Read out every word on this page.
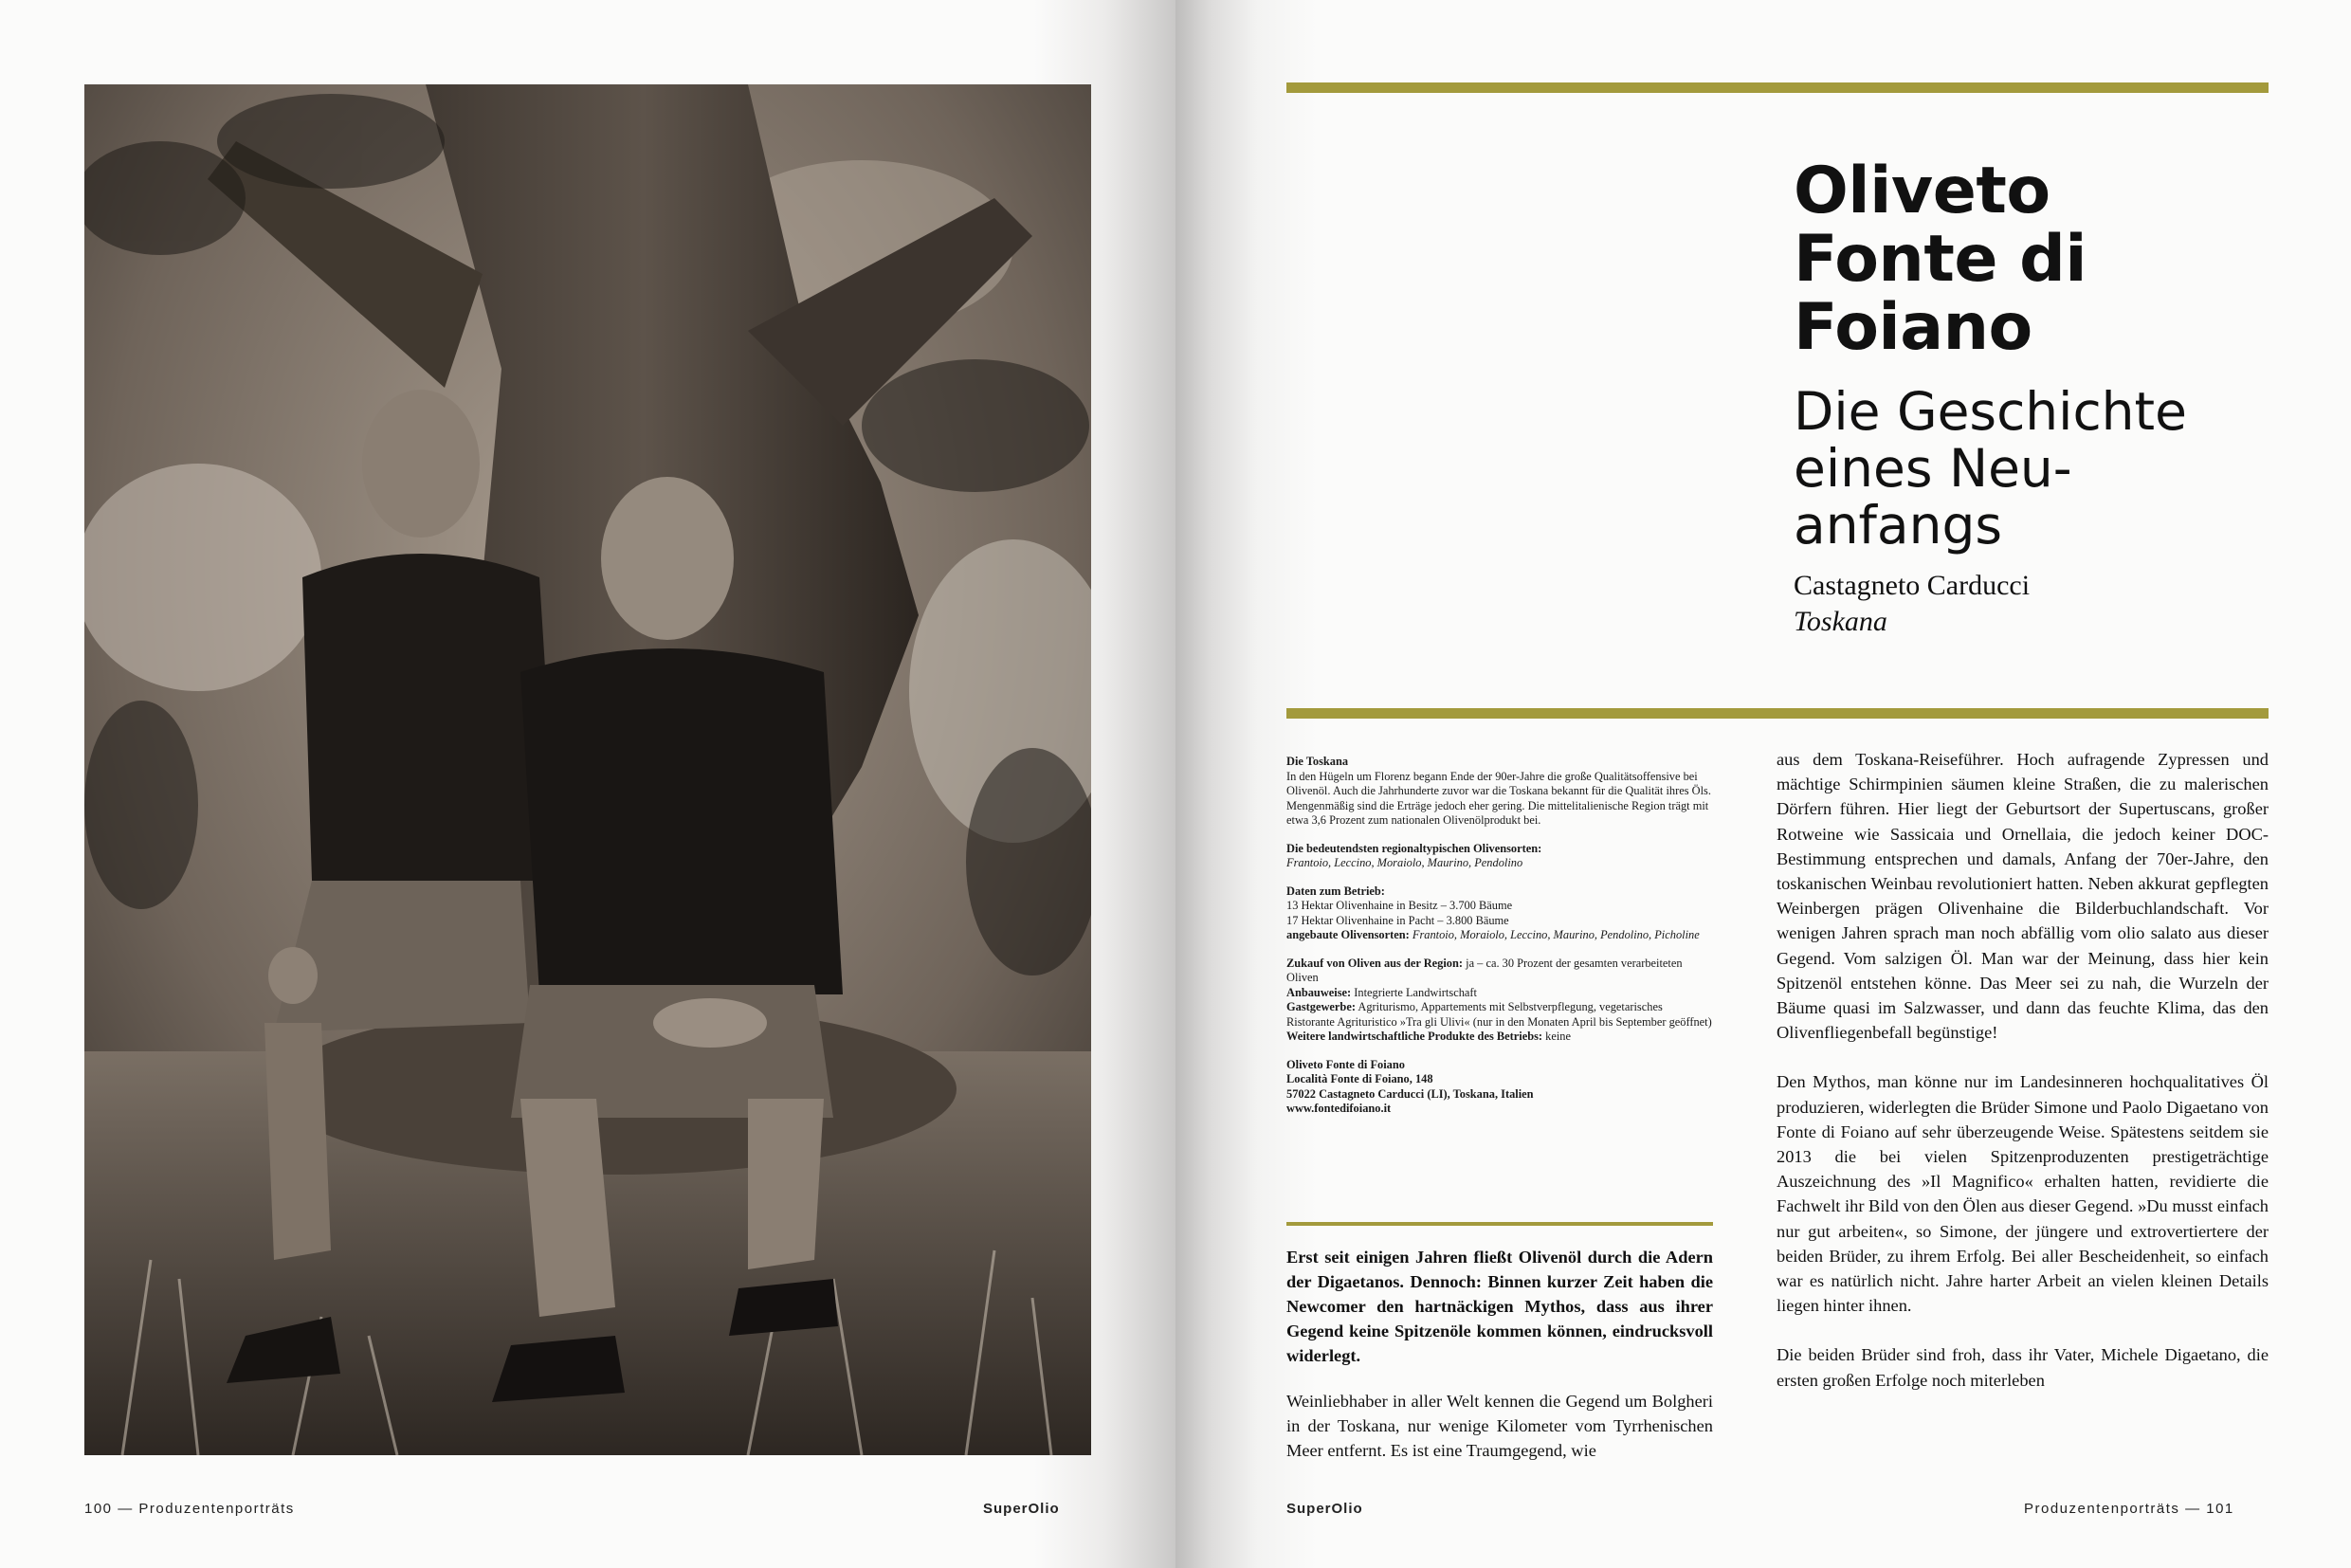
100 — Produzentenporträts	SuperOlio
Oliveto
Fonte di
Foiano
Die Geschichte
eines Neu-
anfangs
Castagneto Carducci
Toskana

Die Toskana
In den Hügeln um Florenz begann Ende der 90er-Jahre die große Qualitätsoffensive bei Olivenöl. Auch die Jahrhunderte zuvor war die Toskana bekannt für die Qualität ihres Öls. Mengenmäßig sind die Erträge jedoch eher gering. Die mittelitalienische Region trägt mit etwa 3,6 Prozent zum nationalen Olivenölprodukt bei.

Die bedeutendsten regionaltypischen Olivensorten:
Frantoio, Leccino, Moraiolo, Maurino, Pendolino

Daten zum Betrieb:
13 Hektar Olivenhaine in Besitz – 3.700 Bäume
17 Hektar Olivenhaine in Pacht – 3.800 Bäume
angebaute Olivensorten: Frantoio, Moraiolo, Leccino, Maurino, Pendolino, Picholine

Zukauf von Oliven aus der Region: ja – ca. 30 Prozent der gesamten verarbeiteten Oliven
Anbauweise: Integrierte Landwirtschaft
Gastgewerbe: Agriturismo, Appartements mit Selbstverpflegung, vegetarisches Ristorante Agrituristico »Tra gli Ulivi« (nur in den Monaten April bis September geöffnet)
Weitere landwirtschaftliche Produkte des Betriebs: keine

Oliveto Fonte di Foiano
Località Fonte di Foiano, 148
57022 Castagneto Carducci (LI), Toskana, Italien
www.fontedifoiano.it

Erst seit einigen Jahren fließt Olivenöl durch die Adern der Digaetanos. Dennoch: Binnen kurzer Zeit haben die Newcomer den hartnäckigen Mythos, dass aus ihrer Gegend keine Spitzenöle kommen können, eindrucksvoll widerlegt.

Weinliebhaber in aller Welt kennen die Gegend um Bolgheri in der Toskana, nur wenige Kilometer vom Tyrrhenischen Meer entfernt. Es ist eine Traumgegend, wie

aus dem Toskana-Reiseführer. Hoch aufragende Zypressen und mächtige Schirmpinien säumen kleine Straßen, die zu malerischen Dörfern führen. Hier liegt der Geburtsort der Supertuscans, großer Rotweine wie Sassicaia und Ornellaia, die jedoch keiner DOC-Bestimmung entsprechen und damals, Anfang der 70er-Jahre, den toskanischen Weinbau revolutioniert hatten. Neben akkurat gepflegten Weinbergen prägen Olivenhaine die Bilderbuchlandschaft. Vor wenigen Jahren sprach man noch abfällig vom olio salato aus dieser Gegend. Vom salzigen Öl. Man war der Meinung, dass hier kein Spitzenöl entstehen könne. Das Meer sei zu nah, die Wurzeln der Bäume quasi im Salzwasser, und dann das feuchte Klima, das den Olivenfliegenbefall begünstige!

Den Mythos, man könne nur im Landesinneren hochqualitatives Öl produzieren, widerlegten die Brüder Simone und Paolo Digaetano von Fonte di Foiano auf sehr überzeugende Weise. Spätestens seitdem sie 2013 die bei vielen Spitzenproduzenten prestigeträchtige Auszeichnung des »Il Magnifico« erhalten hatten, revidierte die Fachwelt ihr Bild von den Ölen aus dieser Gegend. »Du musst einfach nur gut arbeiten«, so Simone, der jüngere und extrovertiertere der beiden Brüder, zu ihrem Erfolg. Bei aller Bescheidenheit, so einfach war es natürlich nicht. Jahre harter Arbeit an vielen kleinen Details liegen hinter ihnen.

Die beiden Brüder sind froh, dass ihr Vater, Michele Digaetano, die ersten großen Erfolge noch miterleben

SuperOlio	Produzentenporträts — 101
